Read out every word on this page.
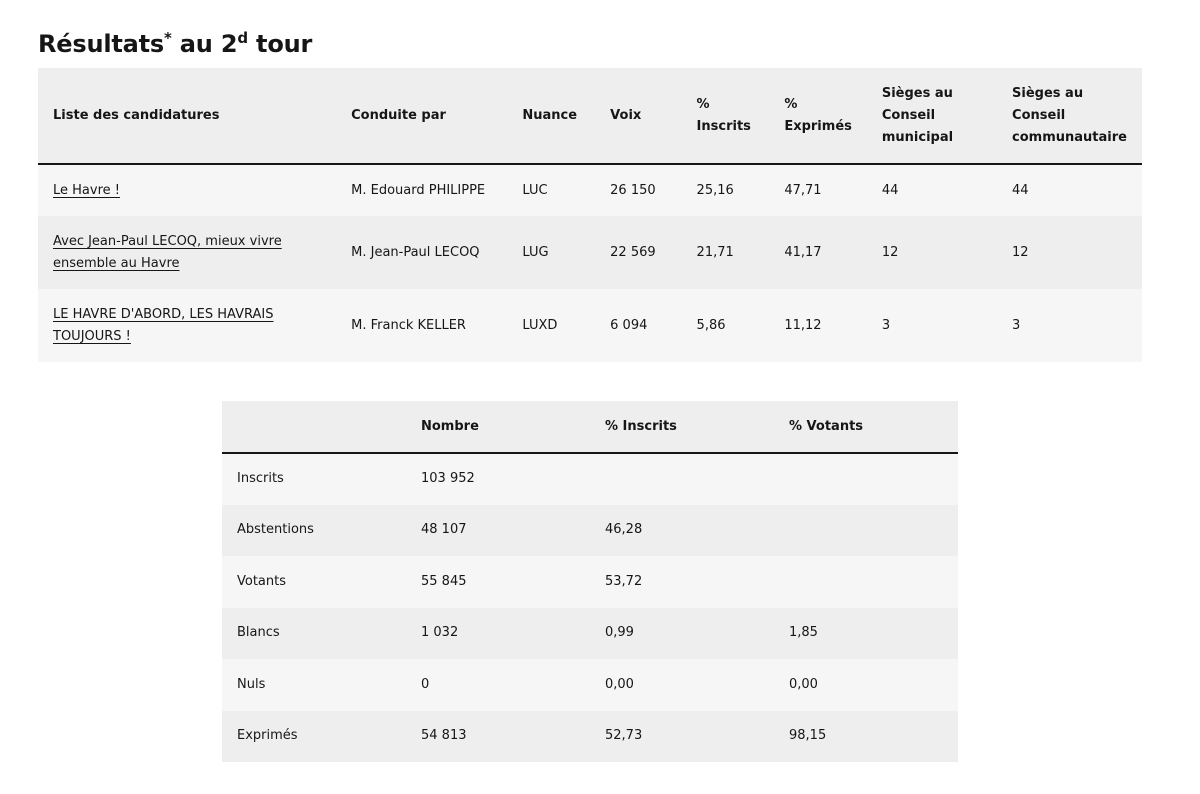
Résultats* au 2$^d$ tour
Liste des candidatures	Conduite par	Nuance	Voix	% Inscrits	% Exprimés	Sièges au Conseil municipal	Sièges au Conseil communautaire
Le Havre !	M. Edouard PHILIPPE	LUC	26 150	25,16	47,71	44	44
Avec Jean-Paul LECOQ, mieux vivre ensemble au Havre	M. Jean-Paul LECOQ	LUG	22 569	21,71	41,17	12	12
LE HAVRE D'ABORD, LES HAVRAIS TOUJOURS !	M. Franck KELLER	LUXD	6 094	5,86	11,12	3	3
	Nombre	% Inscrits	% Votants
Inscrits	103 952		
Abstentions	48 107	46,28	
Votants	55 845	53,72	
Blancs	1 032	0,99	1,85
Nuls	0	0,00	0,00
Exprimés	54 813	52,73	98,15
